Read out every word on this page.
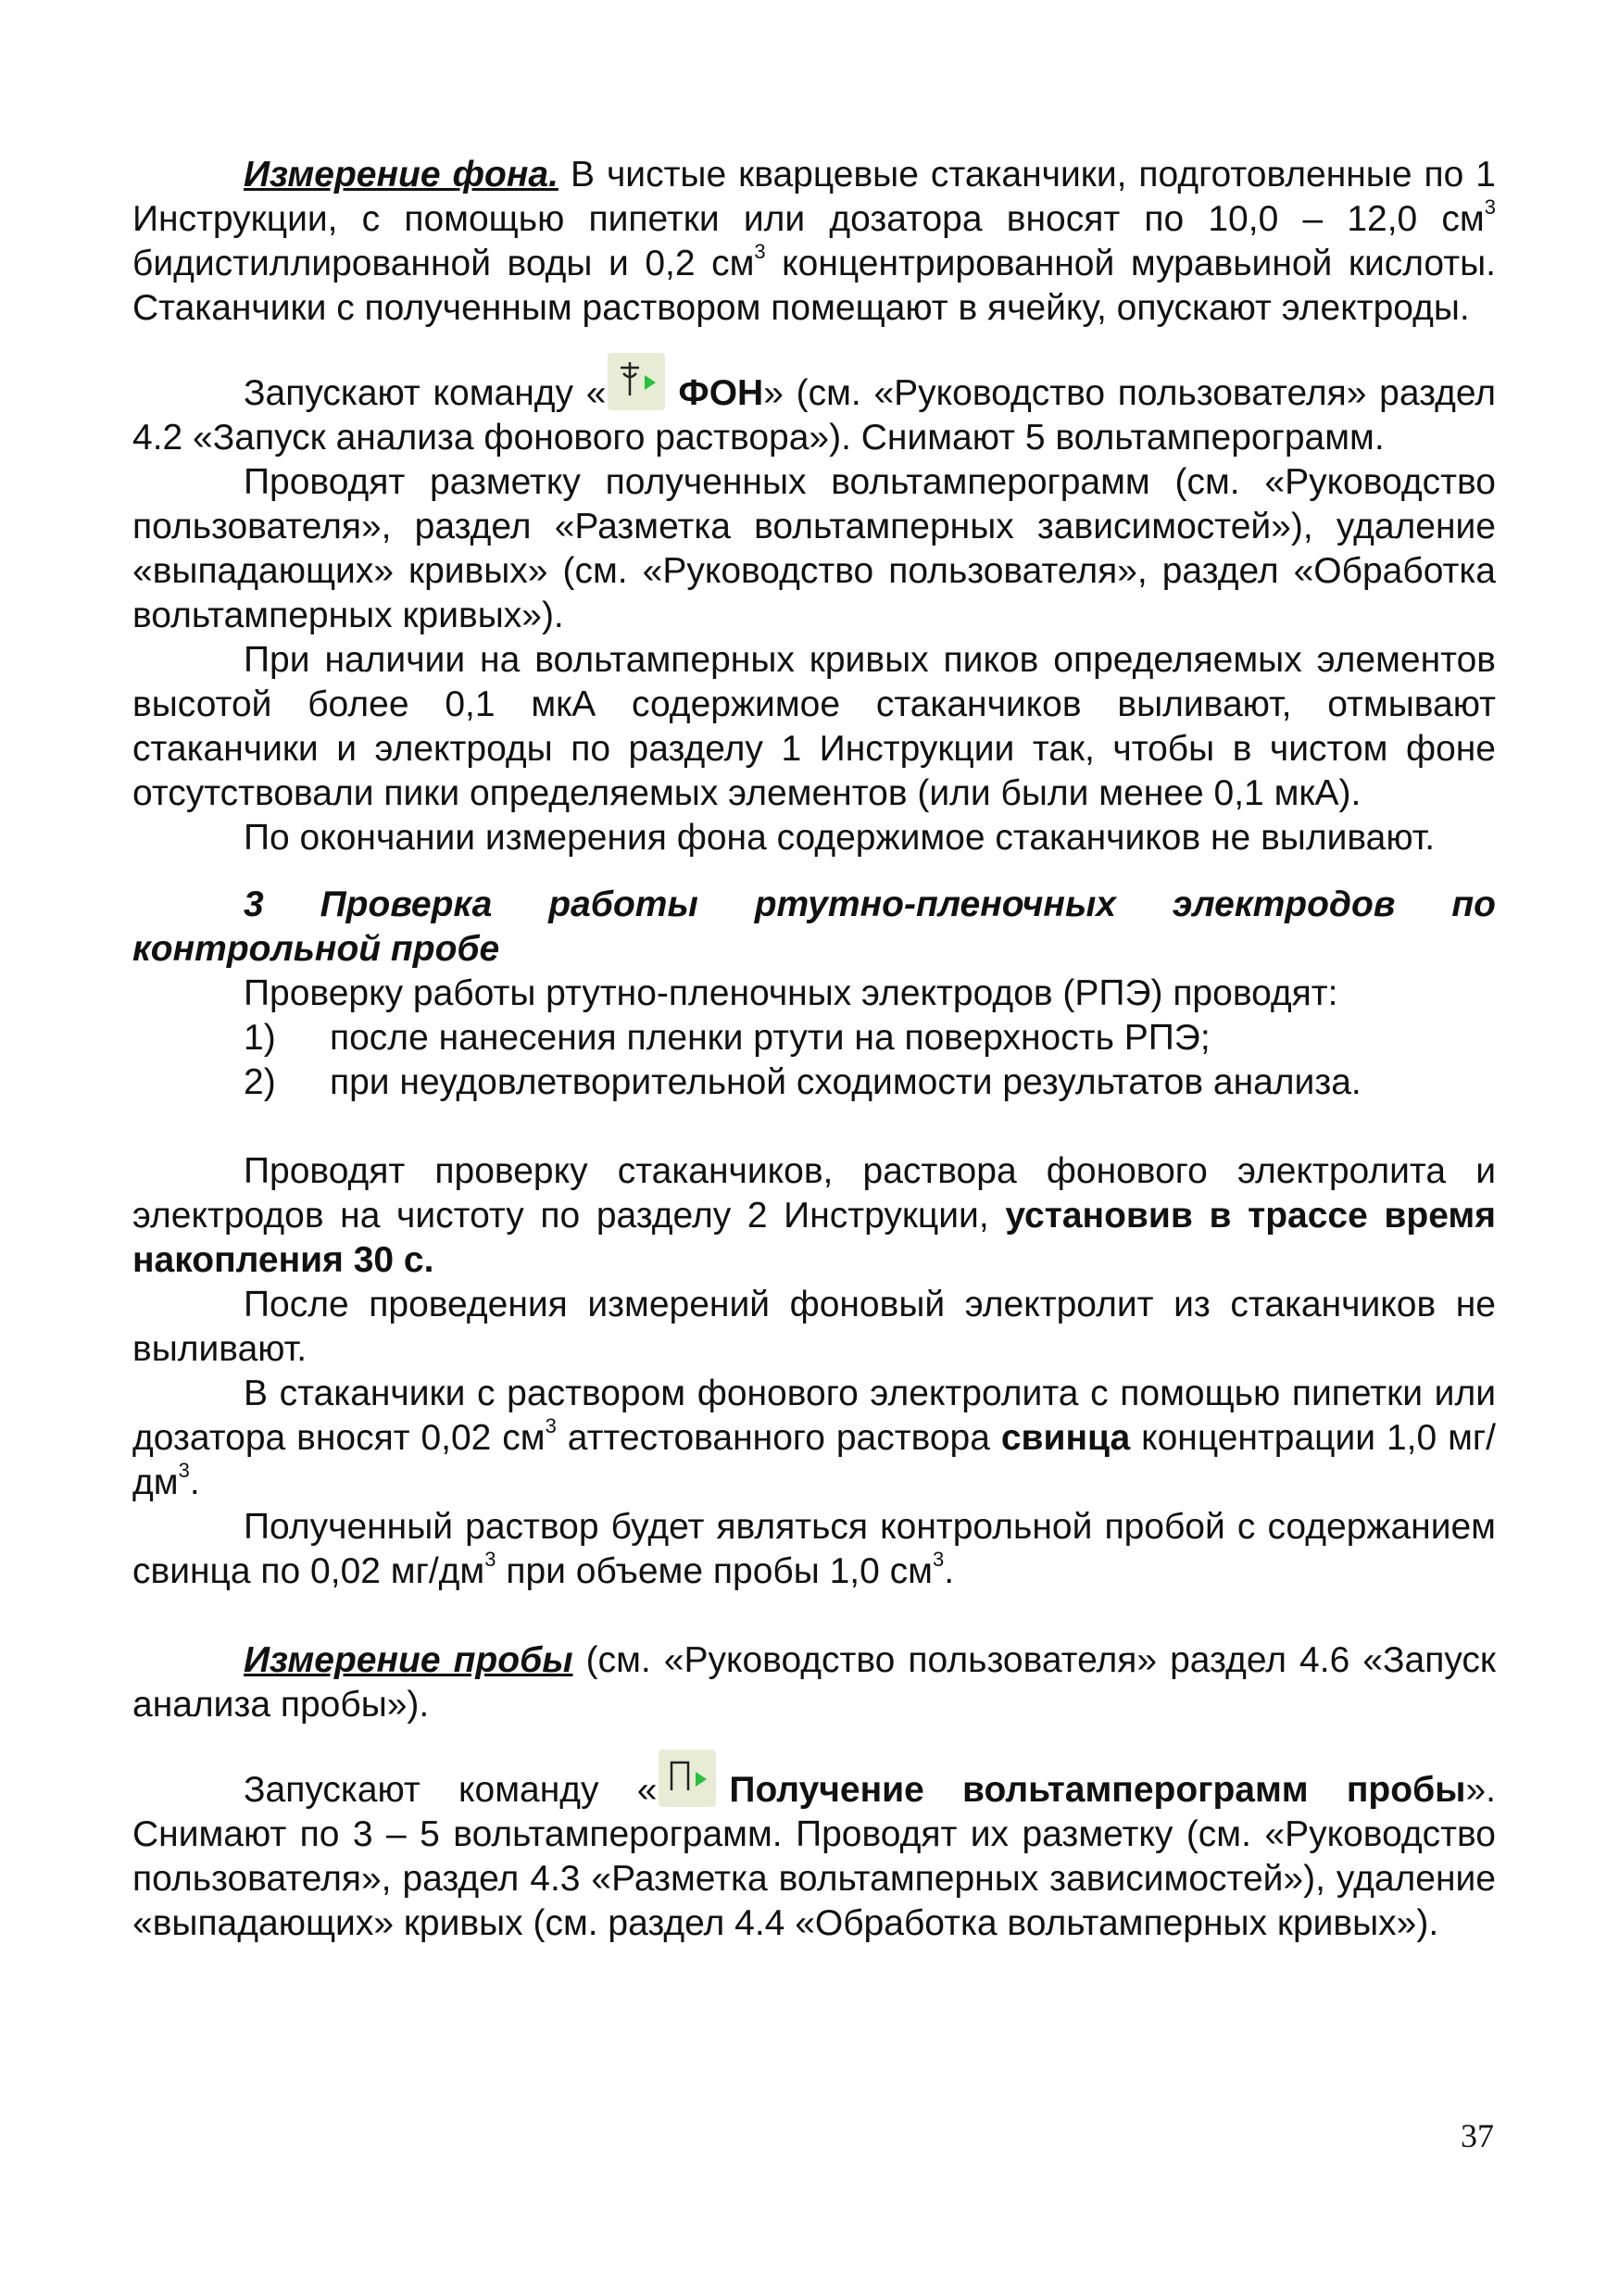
Измерение фона. В чистые кварцевые стаканчики, подготовленные по 1 Инструкции, с помощью пипетки или дозатора вносят по 10,0 – 12,0 $см^3$ бидистиллированной воды и 0,2 $см^3$ концентрированной муравьиной кислоты. Стаканчики с полученным раствором помещают в ячейку, опускают электроды.

Запускают команду « ФОН» (см. «Руководство пользователя» раздел 4.2 «Запуск анализа фонового раствора»). Снимают 5 вольтамперограмм.

Проводят разметку полученных вольтамперограмм (см. «Руководство пользователя», раздел «Разметка вольтамперных зависимостей»), удаление «выпадающих» кривых» (см. «Руководство пользователя», раздел «Обработка вольтамперных кривых»).

При наличии на вольтамперных кривых пиков определяемых элементов высотой более 0,1 мкА содержимое стаканчиков выливают, отмывают стаканчики и электроды по разделу 1 Инструкции так, чтобы в чистом фоне отсутствовали пики определяемых элементов (или были менее 0,1 мкА).

По окончании измерения фона содержимое стаканчиков не выливают.

3 Проверка работы ртутно-пленочных электродов по контрольной пробе

Проверку работы ртутно-пленочных электродов (РПЭ) проводят:

1)	после нанесения пленки ртути на поверхность РПЭ;
2)	при неудовлетворительной сходимости результатов анализа.

Проводят проверку стаканчиков, раствора фонового электролита и электродов на чистоту по разделу 2 Инструкции, установив в трассе время накопления 30 с.

После проведения измерений фоновый электролит из стаканчиков не выливают.

В стаканчики с раствором фонового электролита с помощью пипетки или дозатора вносят 0,02 $см^3$ аттестованного раствора свинца концентрации 1,0 $мг/дм^3$.

Полученный раствор будет являться контрольной пробой с содержанием свинца по 0,02 $мг/дм^3$ при объеме пробы 1,0 $см^3$.

Измерение пробы (см. «Руководство пользователя» раздел 4.6 «Запуск анализа пробы»).

Запускают команду « Получение вольтамперограмм пробы». Снимают по 3 – 5 вольтамперограмм. Проводят их разметку (см. «Руководство пользователя», раздел 4.3 «Разметка вольтамперных зависимостей»), удаление «выпадающих» кривых (см. раздел 4.4 «Обработка вольтамперных кривых»).

37
